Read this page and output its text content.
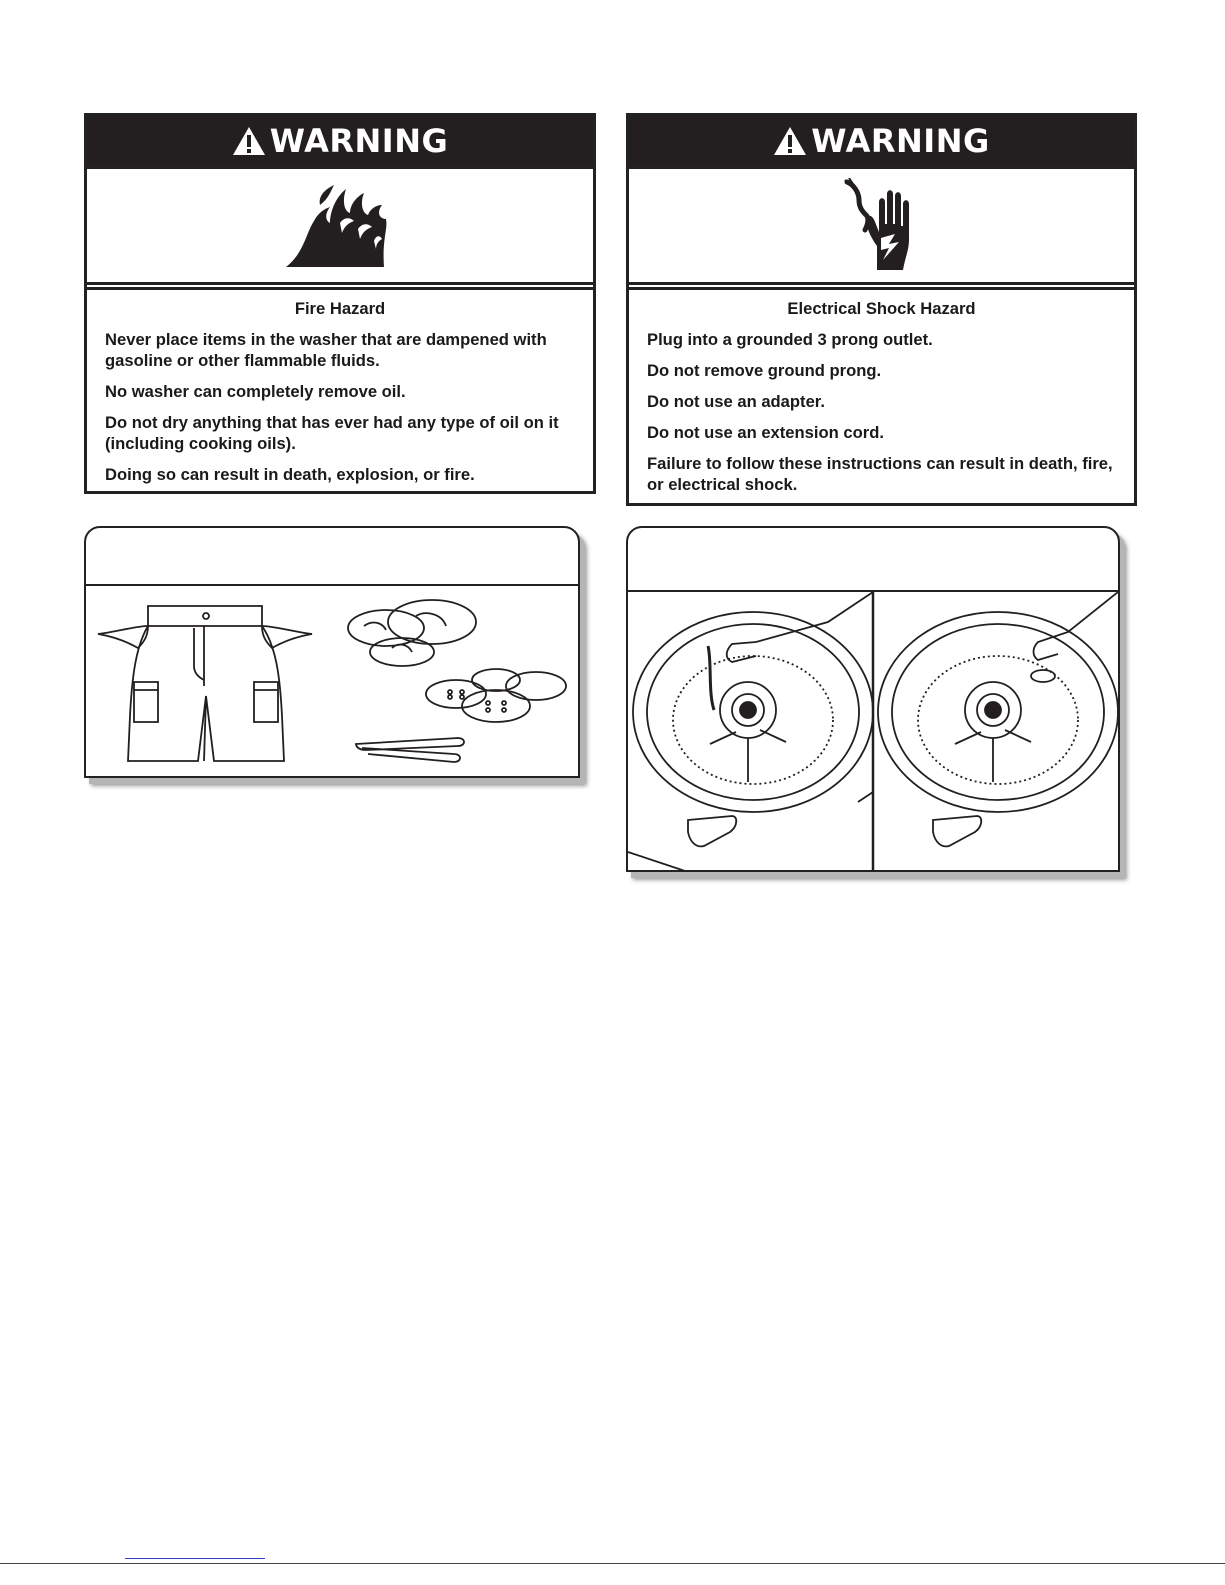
WARNING
Fire Hazard

Never place items in the washer that are dampened with gasoline or other flammable fluids.

No washer can completely remove oil.

Do not dry anything that has ever had any type of oil on it (including cooking oils).

Doing so can result in death, explosion, or fire.

WARNING
Electrical Shock Hazard

Plug into a grounded 3 prong outlet.

Do not remove ground prong.

Do not use an adapter.

Do not use an extension cord.

Failure to follow these instructions can result in death, fire, or electrical shock.
